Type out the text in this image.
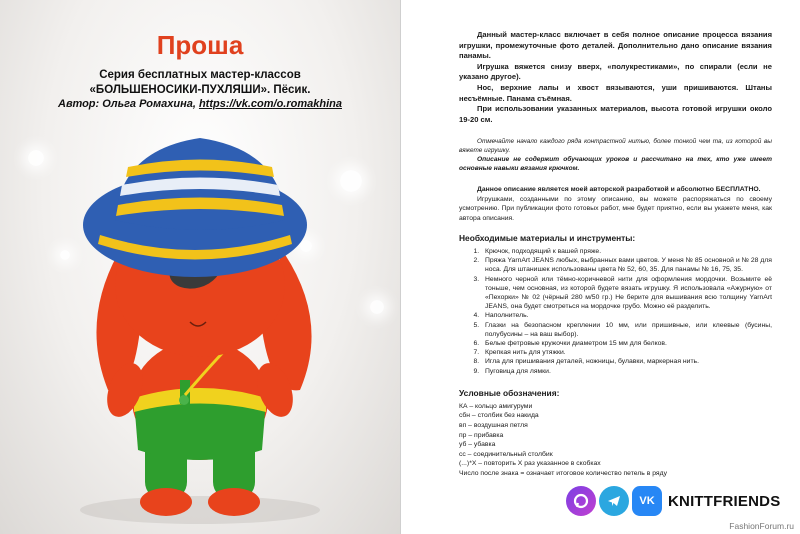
Проша
Серия бесплатных мастер-классов
«БОЛЬШЕНОСИКИ-ПУХЛЯШИ». Пёсик.
Автор: Ольга Ромахина, https://vk.com/o.romakhina

Данный мастер-класс включает в себя полное описание процесса вязания игрушки, промежуточные фото деталей. Дополнительно дано описание вязания панамы.

Игрушка вяжется снизу вверх, «полукрестиками», по спирали (если не указано другое).

Нос, верхние лапы и хвост вязываются, уши пришиваются. Штаны несъёмные. Панама съёмная.

При использовании указанных материалов, высота готовой игрушки около 19-20 см.

Отмечайте начало каждого ряда контрастной нитью, более тонкой чем та, из которой вы вяжете игрушку.

Описание не содержит обучающих уроков и рассчитано на тех, кто уже имеет основные навыки вязания крючком.

Данное описание является моей авторской разработкой и абсолютно БЕСПЛАТНО.

Игрушками, созданными по этому описанию, вы можете распоряжаться по своему усмотрению. При публикации фото готовых работ, мне будет приятно, если вы укажете меня, как автора описания.

Необходимые материалы и инструменты:
1. Крючок, подходящий к вашей пряже.
2. Пряжа YarnArt JEANS любых, выбранных вами цветов. У меня № 85 основной и № 28 для носа. Для штанишек использованы цвета № 52, 60, 35. Для панамы № 16, 75, 35.
3. Немного черной или тёмно-коричневой нити для оформления мордочки. Возьмите её тоньше, чем основная, из которой будете вязать игрушку. Я использовала «Ажурную» от «Пехорки» № 02 (чёрный 280 м/50 гр.) Не берите для вышивания всю толщину YarnArt JEANS, она будет смотреться на мордочке грубо. Можно её разделить.
4. Наполнитель.
5. Глазки на безопасном креплении 10 мм, или пришивные, или клеевые (бусины, полубусины – на ваш выбор).
6. Белые фетровые кружочки диаметром 15 мм для белков.
7. Крепкая нить для утяжки.
8. Игла для пришивания деталей, ножницы, булавки, маркерная нить.
9. Пуговица для лямки.
Условные обозначения:
КА – кольцо амигуруми
сбн – столбик без накида
вп – воздушная петля
пр – прибавка
уб – убавка
сс – соединительный столбик
(...)*Х – повторить Х раз указанное в скобках
Число после знака = означает итоговое количество петель в ряду
VK KNITTFRIENDS
FashionForum.ru
